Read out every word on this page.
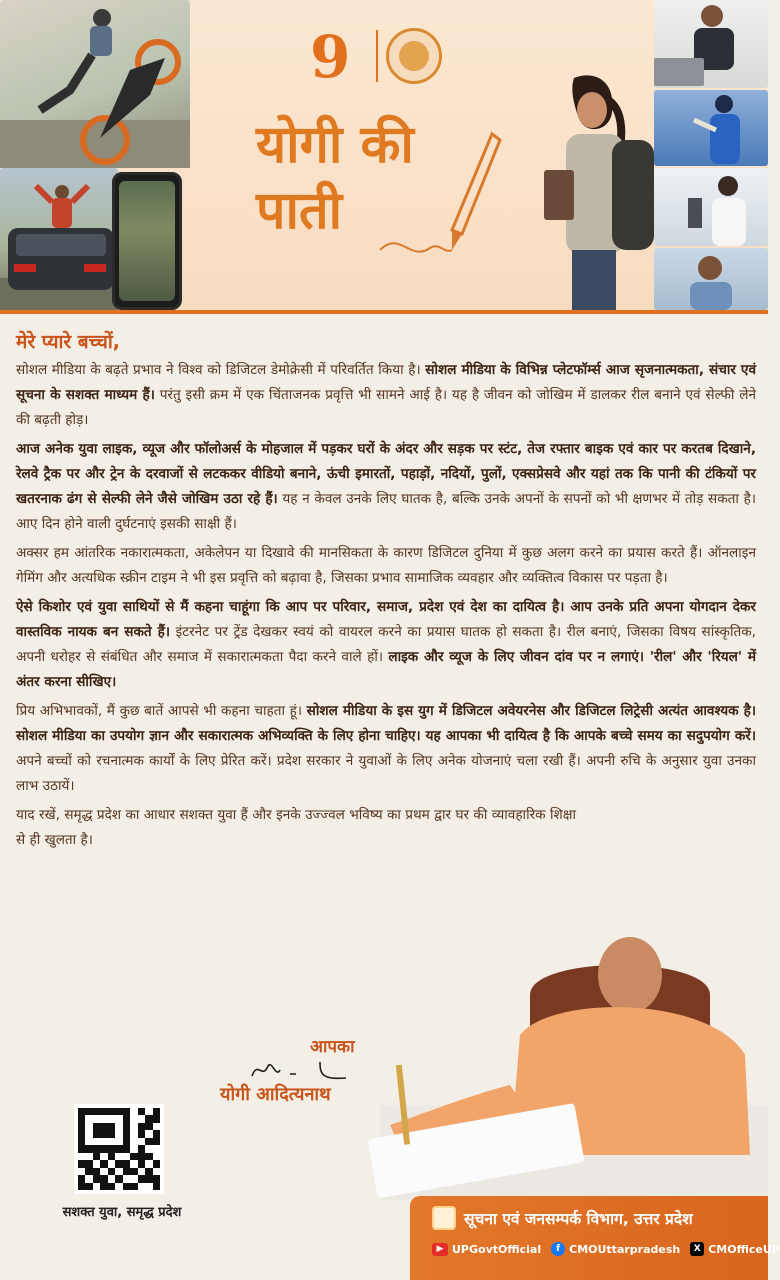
9
योगी की
पाती
मेरे प्यारे बच्चों,

सोशल मीडिया के बढ़ते प्रभाव ने विश्व को डिजिटल डेमोक्रेसी में परिवर्तित किया है। सोशल मीडिया के विभिन्न प्लेटफॉर्म्स आज सृजनात्मकता, संचार एवं सूचना के सशक्त माध्यम हैं। परंतु इसी क्रम में एक चिंताजनक प्रवृत्ति भी सामने आई है। यह है जीवन को जोखिम में डालकर रील बनाने एवं सेल्फी लेने की बढ़ती होड़।

आज अनेक युवा लाइक, व्यूज और फॉलोअर्स के मोहजाल में पड़कर घरों के अंदर और सड़क पर स्टंट, तेज रफ्तार बाइक एवं कार पर करतब दिखाने, रेलवे ट्रैक पर और ट्रेन के दरवाजों से लटककर वीडियो बनाने, ऊंची इमारतों, पहाड़ों, नदियों, पुलों, एक्सप्रेसवे और यहां तक कि पानी की टंकियों पर खतरनाक ढंग से सेल्फी लेने जैसे जोखिम उठा रहे हैं। यह न केवल उनके लिए घातक है, बल्कि उनके अपनों के सपनों को भी क्षणभर में तोड़ सकता है। आए दिन होने वाली दुर्घटनाएं इसकी साक्षी हैं।

अक्सर हम आंतरिक नकारात्मकता, अकेलेपन या दिखावे की मानसिकता के कारण डिजिटल दुनिया में कुछ अलग करने का प्रयास करते हैं। ऑनलाइन गेमिंग और अत्यधिक स्क्रीन टाइम ने भी इस प्रवृत्ति को बढ़ावा है, जिसका प्रभाव सामाजिक व्यवहार और व्यक्तित्व विकास पर पड़ता है।

ऐसे किशोर एवं युवा साथियों से मैं कहना चाहूंगा कि आप पर परिवार, समाज, प्रदेश एवं देश का दायित्व है। आप उनके प्रति अपना योगदान देकर वास्तविक नायक बन सकते हैं। इंटरनेट पर ट्रेंड देखकर स्वयं को वायरल करने का प्रयास घातक हो सकता है। रील बनाएं, जिसका विषय सांस्कृतिक, अपनी धरोहर से संबंधित और समाज में सकारात्मकता पैदा करने वाले हों। लाइक और व्यूज के लिए जीवन दांव पर न लगाएं। 'रील' और 'रियल' में अंतर करना सीखिए।

प्रिय अभिभावकों, मैं कुछ बातें आपसे भी कहना चाहता हूं। सोशल मीडिया के इस युग में डिजिटल अवेयरनेस और डिजिटल लिट्रेसी अत्यंत आवश्यक है। सोशल मीडिया का उपयोग ज्ञान और सकारात्मक अभिव्यक्ति के लिए होना चाहिए। यह आपका भी दायित्व है कि आपके बच्चे समय का सदुपयोग करें। अपने बच्चों को रचनात्मक कार्यों के लिए प्रेरित करें। प्रदेश सरकार ने युवाओं के लिए अनेक योजनाएं चला रखी हैं। अपनी रुचि के अनुसार युवा उनका लाभ उठायें।

याद रखें, समृद्ध प्रदेश का आधार सशक्त युवा हैं और इनके उज्ज्वल भविष्य का प्रथम द्वार घर की व्यावहारिक शिक्षा से ही खुलता है।

आपका
योगी आदित्यनाथ
सशक्त युवा, समृद्ध प्रदेश	सूचना एवं जनसम्पर्क विभाग, उत्तर प्रदेश
▶ UPGovtOfficial	f CMOUttarpradesh	X CMOfficeUP
